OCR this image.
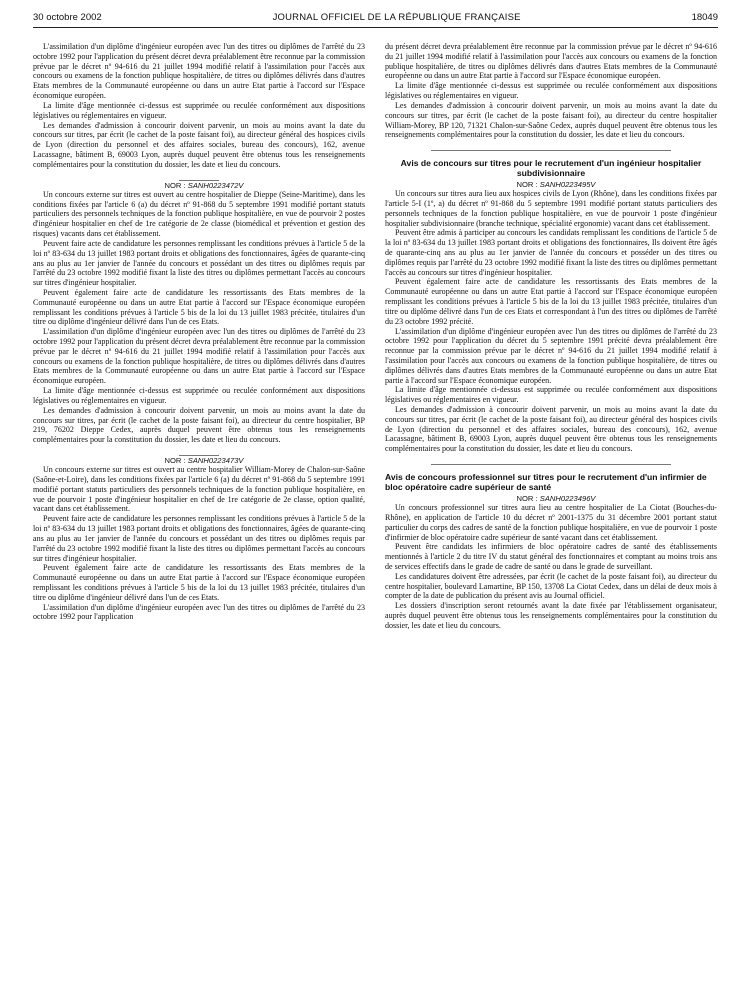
30 octobre 2002	JOURNAL OFFICIEL DE LA RÉPUBLIQUE FRANÇAISE	18049

L'assimilation d'un diplôme d'ingénieur européen avec l'un des titres ou diplômes de l'arrêté du 23 octobre 1992 pour l'application du présent décret devra préalablement être reconnue par la commission prévue par le décret nº 94-616 du 21 juillet 1994 modifié relatif à l'assimilation pour l'accès aux concours ou examens de la fonction publique hospitalière, de titres ou diplômes délivrés dans d'autres Etats membres de la Communauté européenne ou dans un autre Etat partie à l'accord sur l'Espace économique européen.

La limite d'âge mentionnée ci-dessus est supprimée ou reculée conformément aux dispositions législatives ou réglementaires en vigueur.

Les demandes d'admission à concourir doivent parvenir, un mois au moins avant la date du concours sur titres, par écrit (le cachet de la poste faisant foi), au directeur général des hospices civils de Lyon (direction du personnel et des affaires sociales, bureau des concours), 162, avenue Lacassagne, bâtiment B, 69003 Lyon, auprès duquel peuvent être obtenus tous les renseignements complémentaires pour la constitution du dossier, les date et lieu du concours.

NOR : SANH0223472V

Un concours externe sur titres est ouvert au centre hospitalier de Dieppe (Seine-Maritime), dans les conditions fixées par l'article 6 (a) du décret nº 91-868 du 5 septembre 1991 modifié portant statuts particuliers des personnels techniques de la fonction publique hospitalière, en vue de pourvoir 2 postes d'ingénieur hospitalier en chef de 1re catégorie de 2e classe (biomédical et prévention et gestion des risques) vacants dans cet établissement.

Peuvent faire acte de candidature les personnes remplissant les conditions prévues à l'article 5 de la loi nº 83-634 du 13 juillet 1983 portant droits et obligations des fonctionnaires, âgées de quarante-cinq ans au plus au 1er janvier de l'année du concours et possédant un des titres ou diplômes requis par l'arrêté du 23 octobre 1992 modifié fixant la liste des titres ou diplômes permettant l'accès au concours sur titres d'ingénieur hospitalier.

Peuvent également faire acte de candidature les ressortissants des Etats membres de la Communauté européenne ou dans un autre Etat partie à l'accord sur l'Espace économique européen remplissant les conditions prévues à l'article 5 bis de la loi du 13 juillet 1983 précitée, titulaires d'un titre ou diplôme d'ingénieur délivré dans l'un de ces Etats.

L'assimilation d'un diplôme d'ingénieur européen avec l'un des titres ou diplômes de l'arrêté du 23 octobre 1992 pour l'application du présent décret devra préalablement être reconnue par la commission prévue par le décret nº 94-616 du 21 juillet 1994 modifié relatif à l'assimilation pour l'accès aux concours ou examens de la fonction publique hospitalière, de titres ou diplômes délivrés dans d'autres Etats membres de la Communauté européenne ou dans un autre Etat partie à l'accord sur l'Espace économique européen.

La limite d'âge mentionnée ci-dessus est supprimée ou reculée conformément aux dispositions législatives ou réglementaires en vigueur.

Les demandes d'admission à concourir doivent parvenir, un mois au moins avant la date du concours sur titres, par écrit (le cachet de la poste faisant foi), au directeur du centre hospitalier, BP 219, 76202 Dieppe Cedex, auprès duquel peuvent être obtenus tous les renseignements complémentaires pour la constitution du dossier, les date et lieu du concours.

NOR : SANH0223473V

Un concours externe sur titres est ouvert au centre hospitalier William-Morey de Chalon-sur-Saône (Saône-et-Loire), dans les conditions fixées par l'article 6 (a) du décret nº 91-868 du 5 septembre 1991 modifié portant statuts particuliers des personnels techniques de la fonction publique hospitalière, en vue de pourvoir 1 poste d'ingénieur hospitalier en chef de 1re catégorie de 2e classe, option qualité, vacant dans cet établissement.

Peuvent faire acte de candidature les personnes remplissant les conditions prévues à l'article 5 de la loi nº 83-634 du 13 juillet 1983 portant droits et obligations des fonctionnaires, âgées de quarante-cinq ans au plus au 1er janvier de l'année du concours et possédant un des titres ou diplômes requis par l'arrêté du 23 octobre 1992 modifié fixant la liste des titres ou diplômes permettant l'accès au concours sur titres d'ingénieur hospitalier.

Peuvent également faire acte de candidature les ressortissants des Etats membres de la Communauté européenne ou dans un autre Etat partie à l'accord sur l'Espace économique européen remplissant les conditions prévues à l'article 5 bis de la loi du 13 juillet 1983 précitée, titulaires d'un titre ou diplôme d'ingénieur délivré dans l'un de ces Etats.

L'assimilation d'un diplôme d'ingénieur européen avec l'un des titres ou diplômes de l'arrêté du 23 octobre 1992 pour l'application

du présent décret devra préalablement être reconnue par la commission prévue par le décret nº 94-616 du 21 juillet 1994 modifié relatif à l'assimilation pour l'accès aux concours ou examens de la fonction publique hospitalière, de titres ou diplômes délivrés dans d'autres Etats membres de la Communauté européenne ou dans un autre Etat partie à l'accord sur l'Espace économique européen.

La limite d'âge mentionnée ci-dessus est supprimée ou reculée conformément aux dispositions législatives ou réglementaires en vigueur.

Les demandes d'admission à concourir doivent parvenir, un mois au moins avant la date du concours sur titres, par écrit (le cachet de la poste faisant foi), au directeur du centre hospitalier William-Morey, BP 120, 71321 Chalon-sur-Saône Cedex, auprès duquel peuvent être obtenus tous les renseignements complémentaires pour la constitution du dossier, les date et lieu du concours.

Avis de concours sur titres pour le recrutement d'un ingénieur hospitalier subdivisionnaire

NOR : SANH0223495V

Un concours sur titres aura lieu aux hospices civils de Lyon (Rhône), dans les conditions fixées par l'article 5-I (1º, a) du décret nº 91-868 du 5 septembre 1991 modifié portant statuts particuliers des personnels techniques de la fonction publique hospitalière, en vue de pourvoir 1 poste d'ingénieur hospitalier subdivisionnaire (branche technique, spécialité ergonomie) vacant dans cet établissement.

Peuvent être admis à participer au concours les candidats remplissant les conditions de l'article 5 de la loi nº 83-634 du 13 juillet 1983 portant droits et obligations des fonctionnaires, Ils doivent être âgés de quarante-cinq ans au plus au 1er janvier de l'année du concours et posséder un des titres ou diplômes requis par l'arrêté du 23 octobre 1992 modifié fixant la liste des titres ou diplômes permettant l'accès au concours sur titres d'ingénieur hospitalier.

Peuvent également faire acte de candidature les ressortissants des Etats membres de la Communauté européenne ou dans un autre Etat partie à l'accord sur l'Espace économique européen remplissant les conditions prévues à l'article 5 bis de la loi du 13 juillet 1983 précitée, titulaires d'un titre ou diplôme délivré dans l'un de ces Etats et correspondant à l'un des titres ou diplômes de l'arrêté du 23 octobre 1992 précité.

L'assimilation d'un diplôme d'ingénieur européen avec l'un des titres ou diplômes de l'arrêté du 23 octobre 1992 pour l'application du décret du 5 septembre 1991 précité devra préalablement être reconnue par la commission prévue par le décret nº 94-616 du 21 juillet 1994 modifié relatif à l'assimilation pour l'accès aux concours ou examens de la fonction publique hospitalière, de titres ou diplômes délivrés dans d'autres Etats membres de la Communauté européenne ou dans un autre Etat partie à l'accord sur l'Espace économique européen.

La limite d'âge mentionnée ci-dessus est supprimée ou reculée conformément aux dispositions législatives ou réglementaires en vigueur.

Les demandes d'admission à concourir doivent parvenir, un mois au moins avant la date du concours sur titres, par écrit (le cachet de la poste faisant foi), au directeur général des hospices civils de Lyon (direction du personnel et des affaires sociales, bureau des concours), 162, avenue Lacassagne, bâtiment B, 69003 Lyon, auprès duquel peuvent être obtenus tous les renseignements complémentaires pour la constitution du dossier, les date et lieu du concours.

Avis de concours professionnel sur titres pour le recrutement d'un infirmier de bloc opératoire cadre supérieur de santé

NOR : SANH0223496V

Un concours professionnel sur titres aura lieu au centre hospitalier de La Ciotat (Bouches-du-Rhône), en application de l'article 10 du décret nº 2001-1375 du 31 décembre 2001 portant statut particulier du corps des cadres de santé de la fonction publique hospitalière, en vue de pourvoir 1 poste d'infirmier de bloc opératoire cadre supérieur de santé vacant dans cet établissement.

Peuvent être candidats les infirmiers de bloc opératoire cadres de santé des établissements mentionnés à l'article 2 du titre IV du statut général des fonctionnaires et comptant au moins trois ans de services effectifs dans le grade de cadre de santé ou dans le grade de surveillant.

Les candidatures doivent être adressées, par écrit (le cachet de la poste faisant foi), au directeur du centre hospitalier, boulevard Lamartine, BP 150, 13708 La Ciotat Cedex, dans un délai de deux mois à compter de la date de publication du présent avis au Journal officiel.

Les dossiers d'inscription seront retournés avant la date fixée par l'établissement organisateur, auprès duquel peuvent être obtenus tous les renseignements complémentaires pour la constitution du dossier, les date et lieu du concours.
